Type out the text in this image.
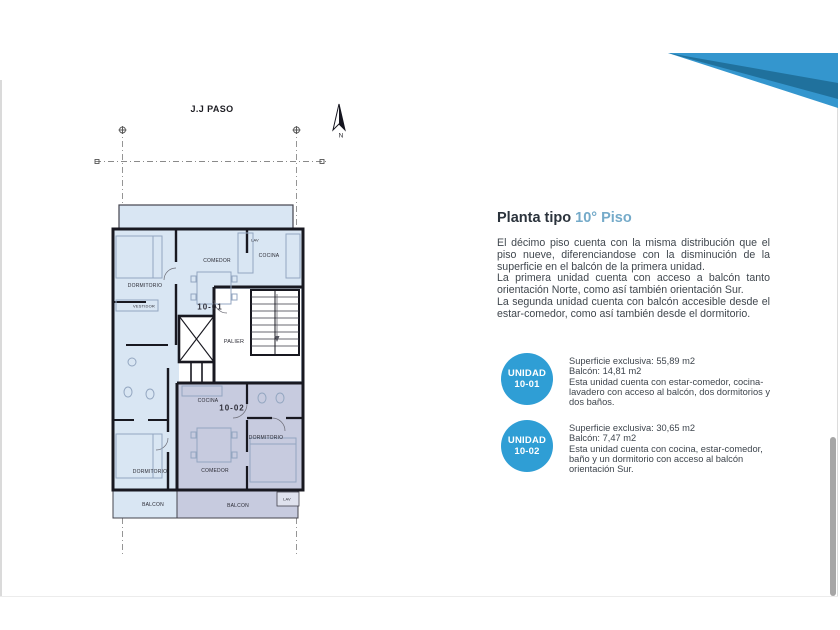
J.J PASO
N
DORMITORIO
VESTIDOR
COMEDOR
COCINA
LAV
10-01
PALIER
COCINA
10-02
DORMITORIO
COMEDOR
DORMITORIO
BALCON	BALCON
LAV
Planta tipo 10° Piso

El décimo piso cuenta con la misma distribución que el piso nueve, diferenciandose con la disminución de la superficie en el balcón de la primera unidad.

La primera unidad cuenta con acceso a balcón tanto orientación Norte, como así también orientación Sur.

La segunda unidad cuenta con balcón accesible desde el estar-comedor, como así también desde el dormitorio.

UNIDAD
10-01

Superficie exclusiva: 55,89 m2

Balcón: 14,81 m2

Esta unidad cuenta con estar-comedor, cocina-lavadero con acceso al balcón, dos dormitorios y dos baños.

UNIDAD
10-02

Superficie exclusiva: 30,65 m2

Balcón: 7,47 m2

Esta unidad cuenta con cocina, estar-comedor, baño y un dormitorio con acceso al balcón orientación Sur.
